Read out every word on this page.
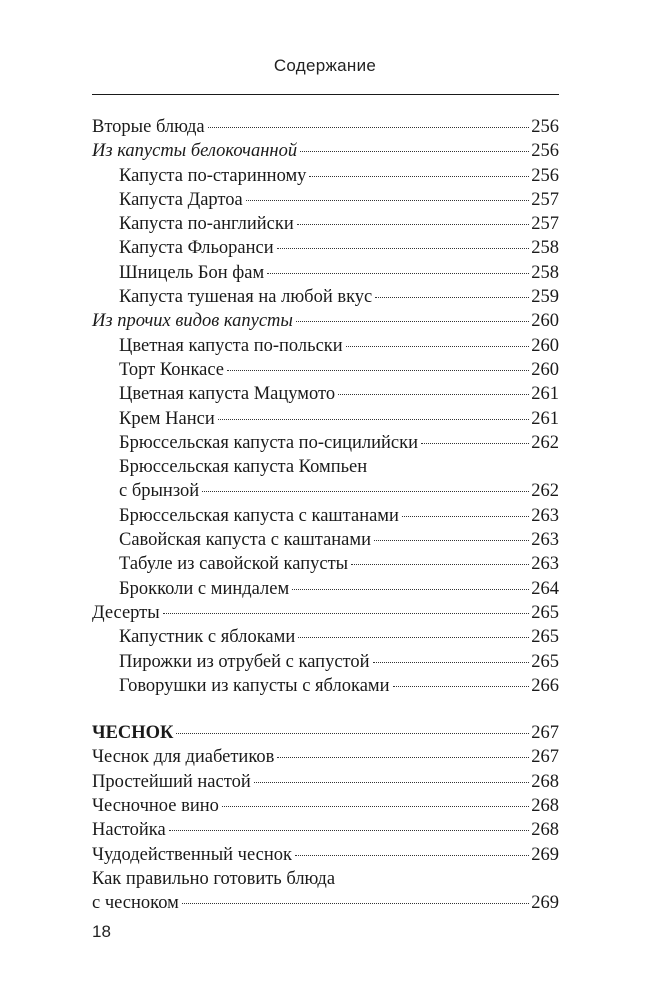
Содержание
Вторые блюда	256
Из капусты белокочанной	256
Капуста по-старинному	256
Капуста Дартоа	257
Капуста по-английски	257
Капуста Фльоранси	258
Шницель Бон фам	258
Капуста тушеная на любой вкус	259
Из прочих видов капусты	260
Цветная капуста по-польски	260
Торт Конкасе	260
Цветная капуста Мацумото	261
Крем Нанси	261
Брюссельская капуста по-сицилийски	262
Брюссельская капуста Компьен
с брынзой	262
Брюссельская капуста с каштанами	263
Савойская капуста с каштанами	263
Табуле из савойской капусты	263
Брокколи с миндалем	264
Десерты	265
Капустник с яблоками	265
Пирожки из отрубей с капустой	265
Говорушки из капусты с яблоками	266
ЧЕСНОК	267
Чеснок для диабетиков	267
Простейший настой	268
Чесночное вино	268
Настойка	268
Чудодейственный чеснок	269
Как правильно готовить блюда
с чесноком	269
18
